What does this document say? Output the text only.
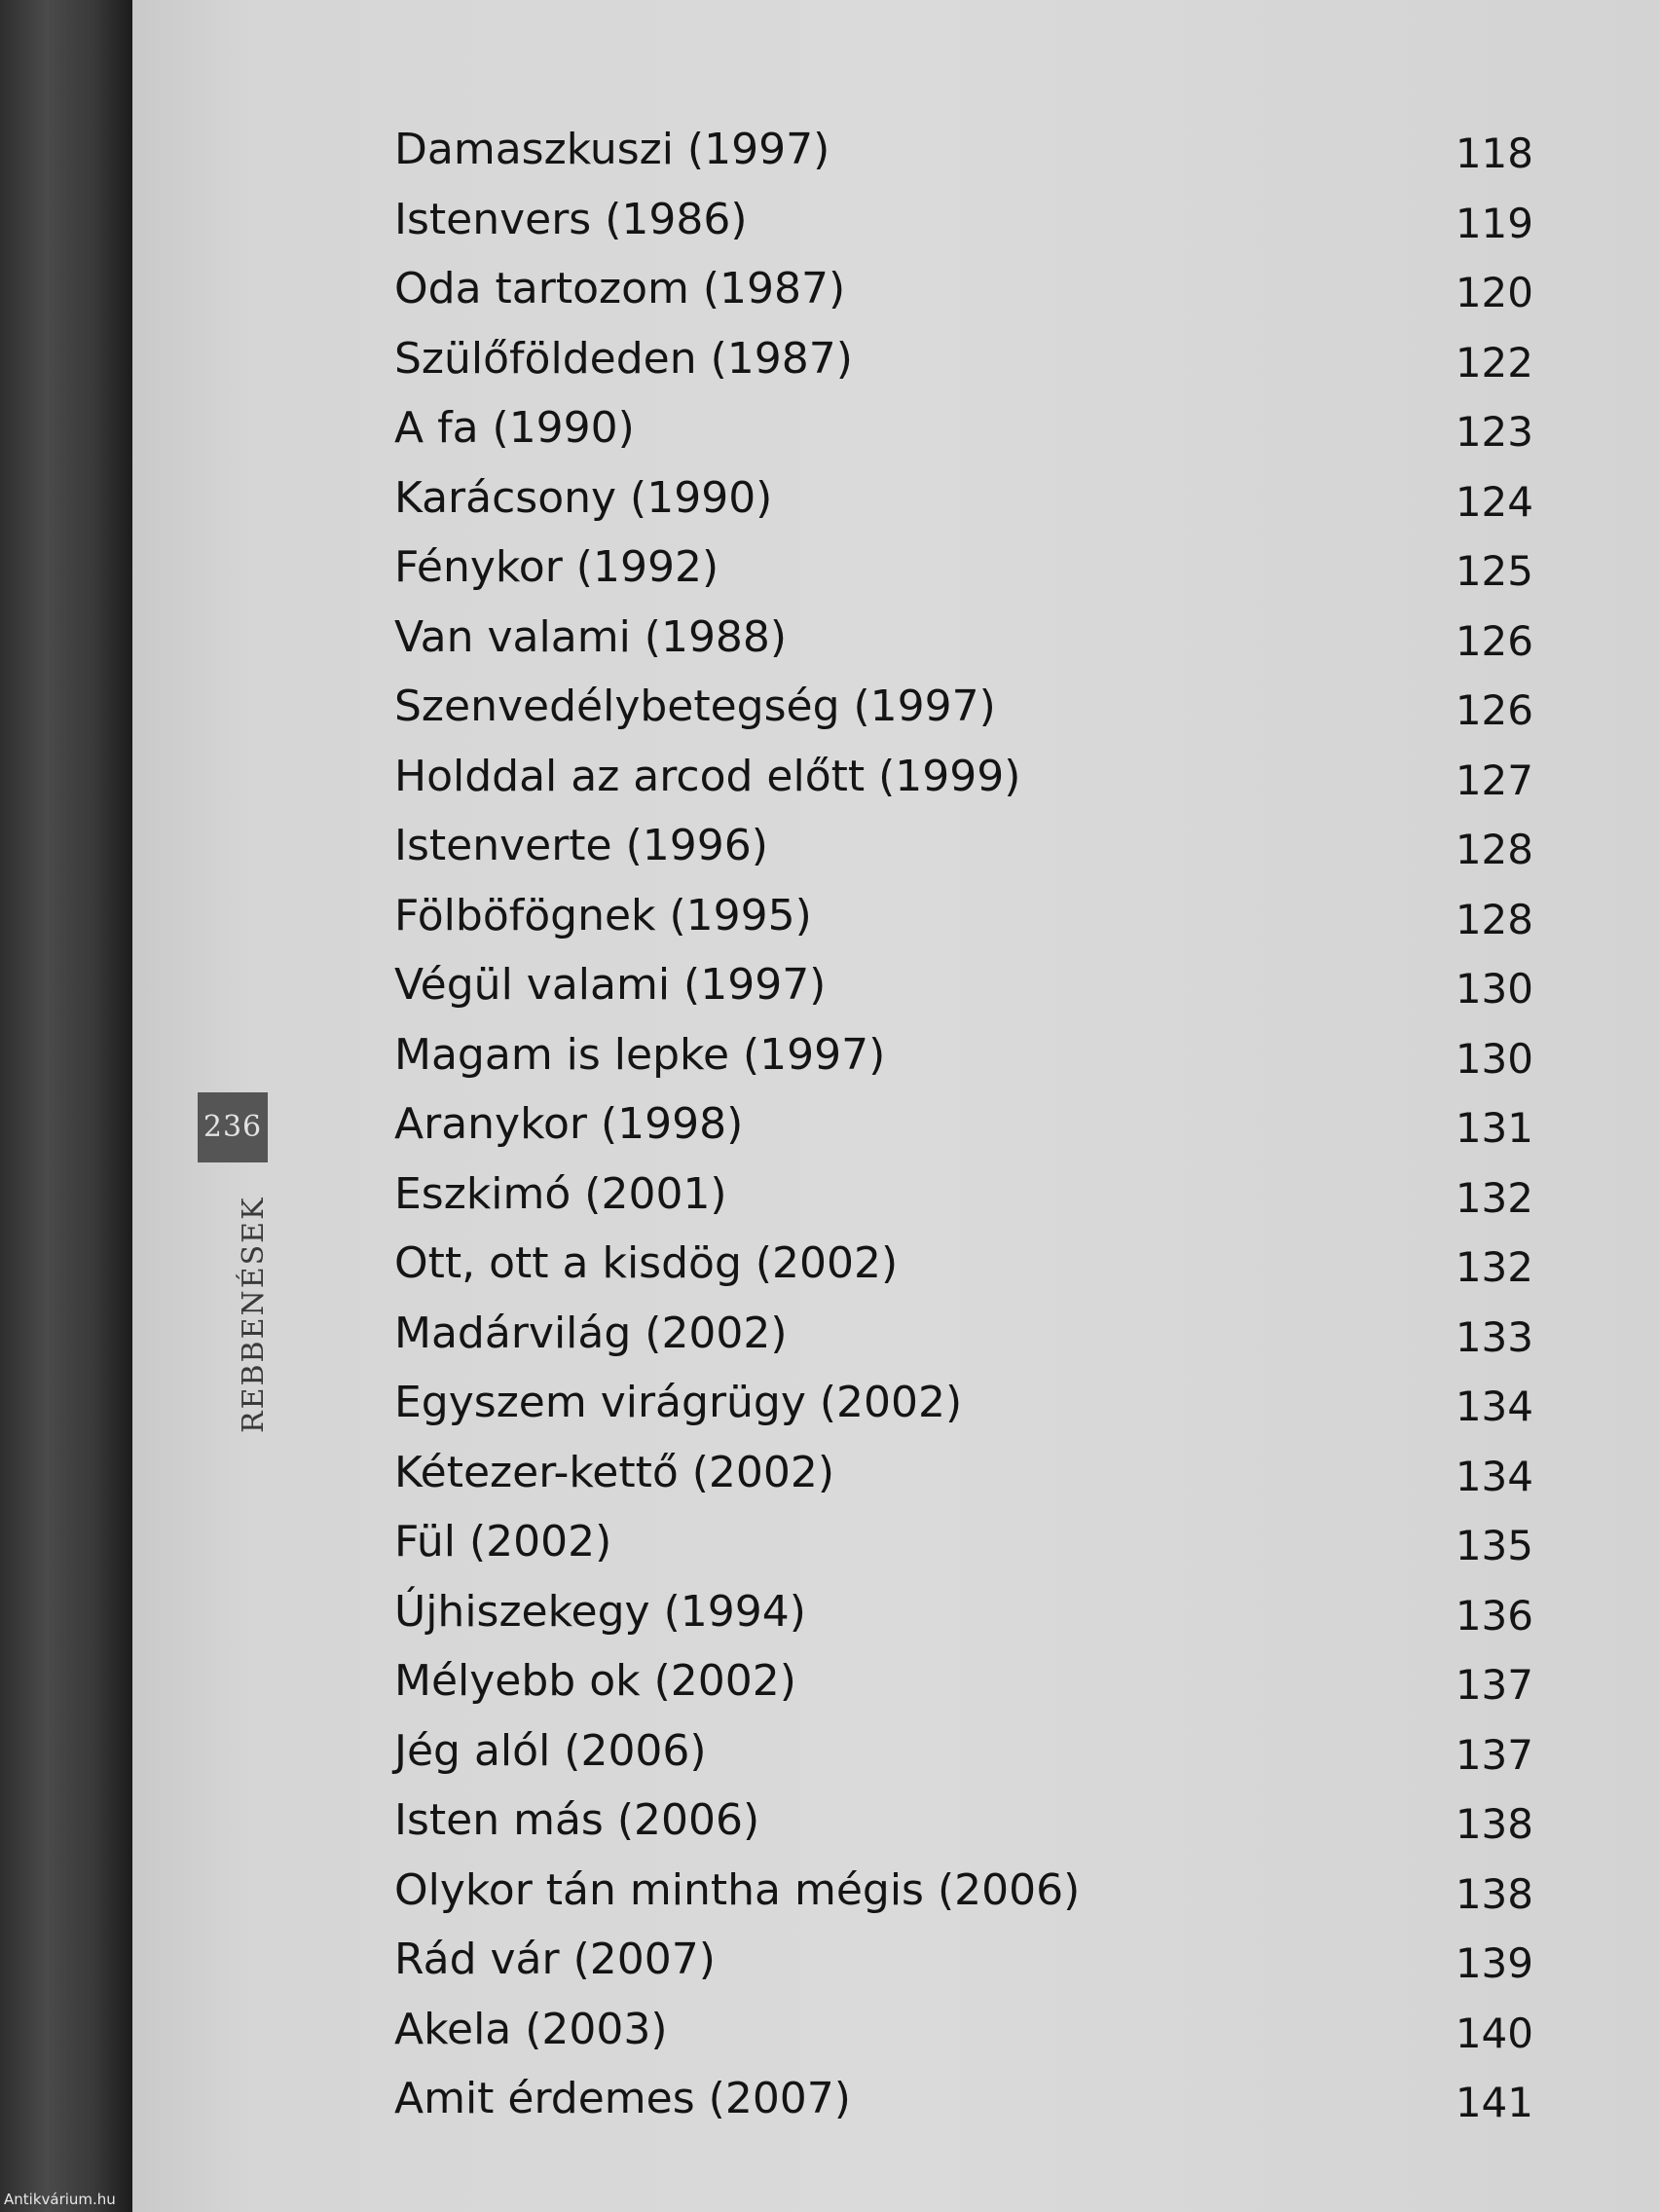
236
REBBENÉSEK
Damaszkuszi (1997)	118
Istenvers (1986)	119
Oda tartozom (1987)	120
Szülőföldeden (1987)	122
A fa (1990)	123
Karácsony (1990)	124
Fénykor (1992)	125
Van valami (1988)	126
Szenvedélybetegség (1997)	126
Holddal az arcod előtt (1999)	127
Istenverte (1996)	128
Fölböfögnek (1995)	128
Végül valami (1997)	130
Magam is lepke (1997)	130
Aranykor (1998)	131
Eszkimó (2001)	132
Ott, ott a kisdög (2002)	132
Madárvilág (2002)	133
Egyszem virágrügy (2002)	134
Kétezer-kettő (2002)	134
Fül (2002)	135
Újhiszekegy (1994)	136
Mélyebb ok (2002)	137
Jég alól (2006)	137
Isten más (2006)	138
Olykor tán mintha mégis (2006)	138
Rád vár (2007)	139
Akela (2003)	140
Amit érdemes (2007)	141
Antikvárium.hu
